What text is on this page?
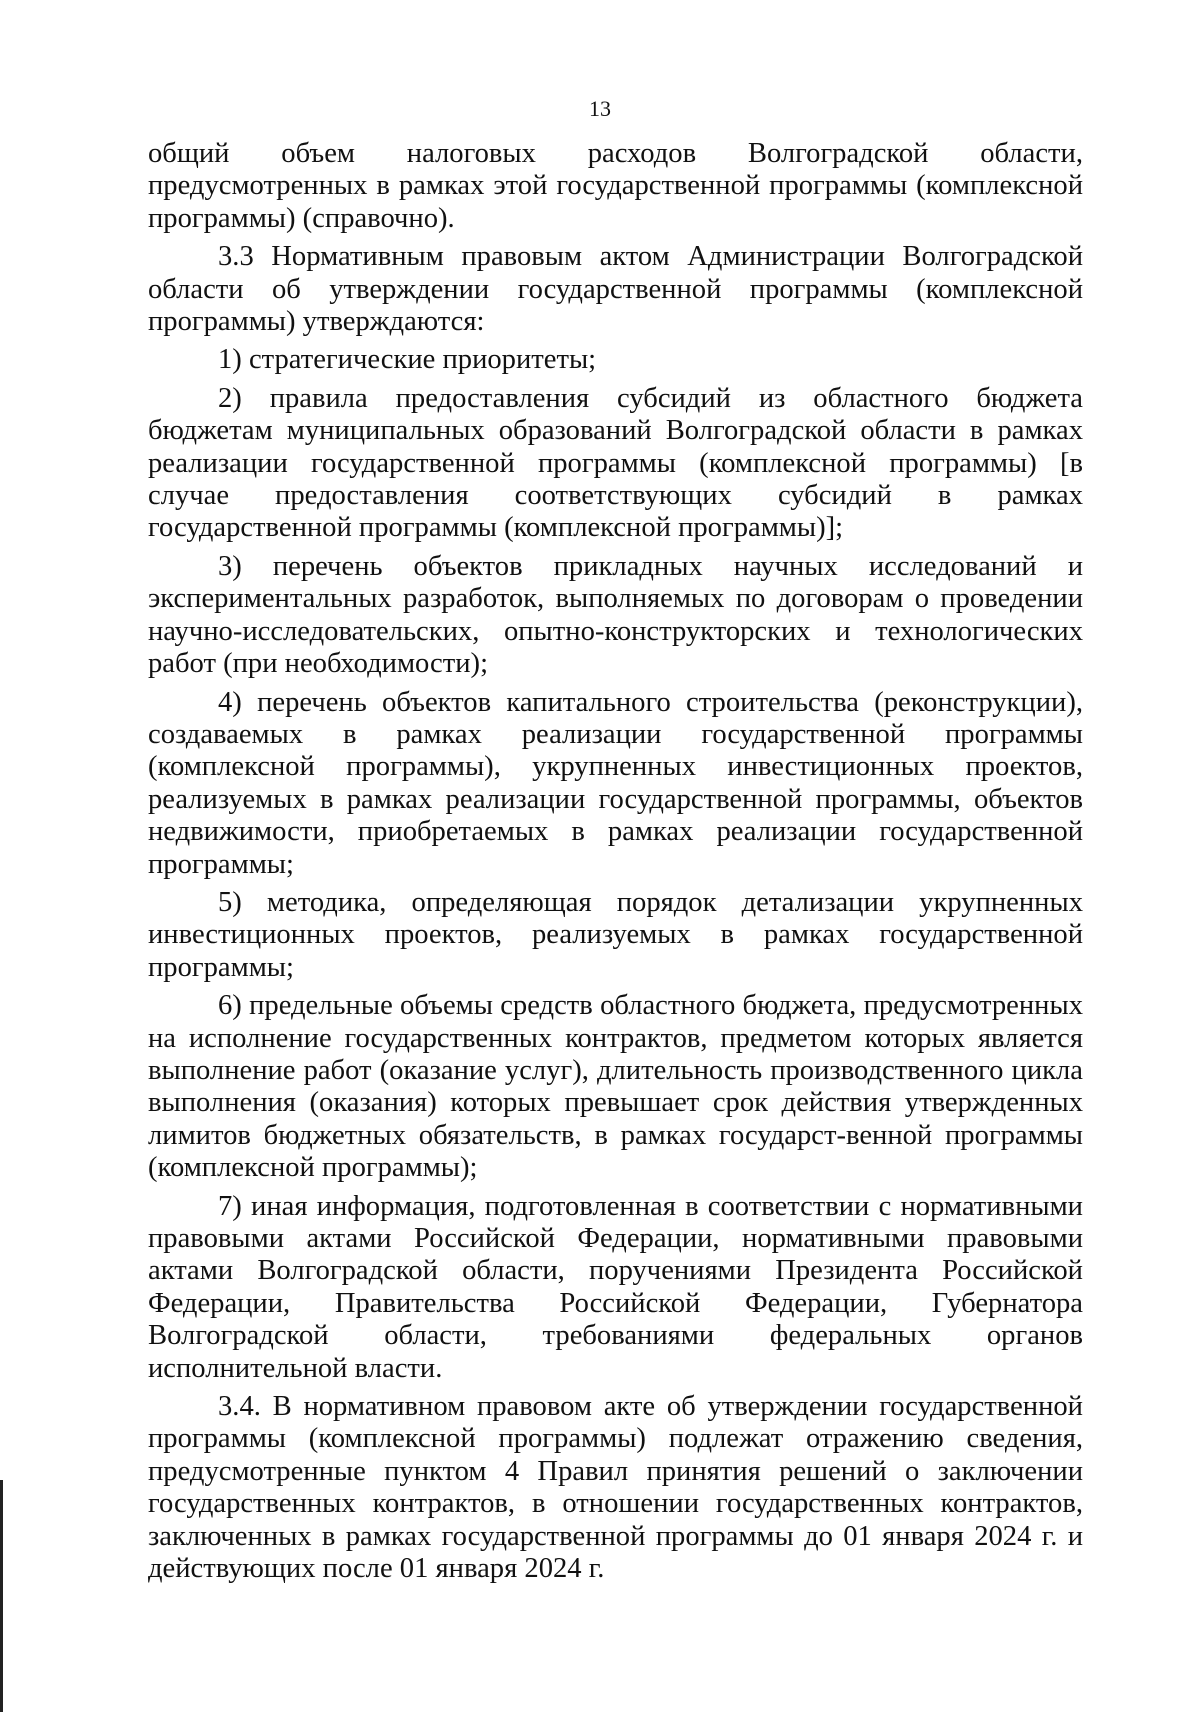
13

общий объем налоговых расходов Волгоградской области, предусмотренных в рамках этой государственной программы (комплексной программы) (справочно).

3.3 Нормативным правовым актом Администрации Волгоградской области об утверждении государственной программы (комплексной программы) утверждаются:

1) стратегические приоритеты;

2) правила предоставления субсидий из областного бюджета бюджетам муниципальных образований Волгоградской области в рамках реализации государственной программы (комплексной программы) [в случае предоставления соответствующих субсидий в рамках государственной программы (комплексной программы)];

3) перечень объектов прикладных научных исследований и экспериментальных разработок, выполняемых по договорам о проведении научно-исследовательских, опытно-конструкторских и технологических работ (при необходимости);

4) перечень объектов капитального строительства (реконструкции), создаваемых в рамках реализации государственной программы (комплексной программы), укрупненных инвестиционных проектов, реализуемых в рамках реализации государственной программы, объектов недвижимости, приобретаемых в рамках реализации государственной программы;

5) методика, определяющая порядок детализации укрупненных инвестиционных проектов, реализуемых в рамках государственной программы;

6) предельные объемы средств областного бюджета, предусмотренных на исполнение государственных контрактов, предметом которых является выполнение работ (оказание услуг), длительность производственного цикла выполнения (оказания) которых превышает срок действия утвержденных лимитов бюджетных обязательств, в рамках государст-венной программы (комплексной программы);

7) иная информация, подготовленная в соответствии с нормативными правовыми актами Российской Федерации, нормативными правовыми актами Волгоградской области, поручениями Президента Российской Федерации, Правительства Российской Федерации, Губернатора Волгоградской области, требованиями федеральных органов исполнительной власти.

3.4. В нормативном правовом акте об утверждении государственной программы (комплексной программы) подлежат отражению сведения, предусмотренные пунктом 4 Правил принятия решений о заключении государственных контрактов, в отношении государственных контрактов, заключенных в рамках государственной программы до 01 января 2024 г. и действующих после 01 января 2024 г.
